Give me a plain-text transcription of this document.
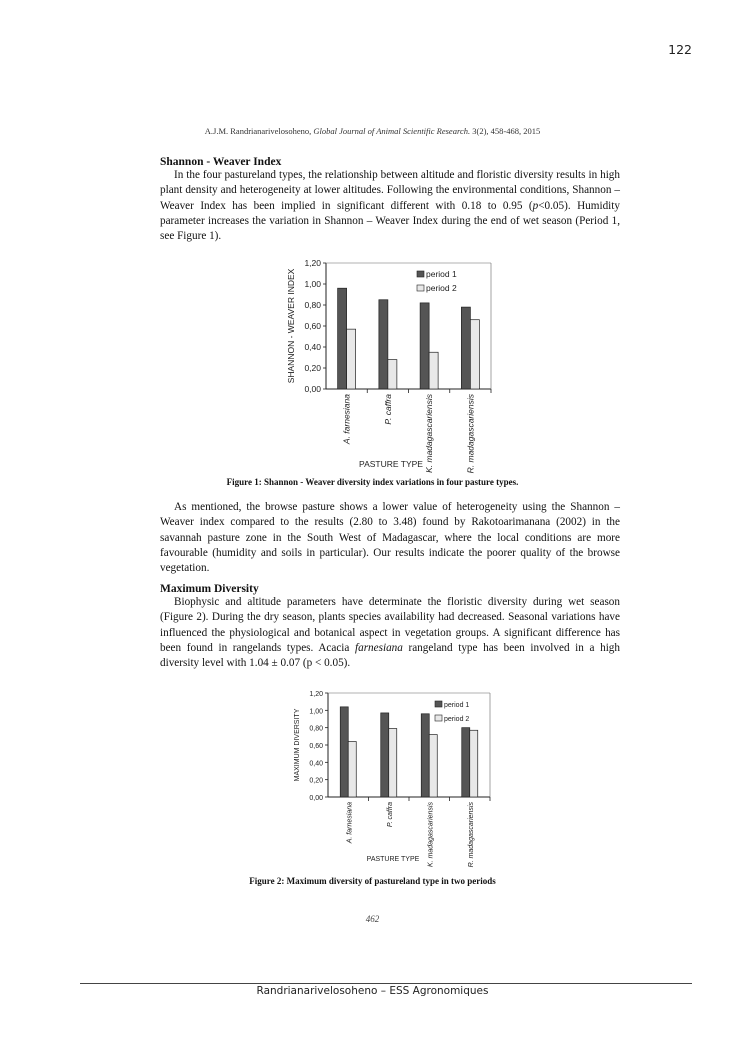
122
A.J.M. Randrianarivelosoheno, Global Journal of Animal Scientific Research. 3(2), 458-468, 2015

Shannon - Weaver Index

In the four pastureland types, the relationship between altitude and floristic diversity results in high plant density and heterogeneity at lower altitudes. Following the environmental conditions, Shannon – Weaver Index has been implied in significant different with 0.18 to 0.95 (p<0.05). Humidity parameter increases the variation in Shannon – Weaver Index during the end of wet season (Period 1, see Figure 1).

0,00
0,20
0,40
0,60
0,80
1,00
1,20
A. farnesiana	P. caffra	K. madagascariensis	R. madagascariensis
PASTURE TYPE
SHANNON - WEAVER INDEX	period 1
period 2
Figure 1: Shannon - Weaver diversity index variations in four pasture types.

As mentioned, the browse pasture shows a lower value of heterogeneity using the Shannon – Weaver index compared to the results (2.80 to 3.48) found by Rakotoarimanana (2002) in the savannah pasture zone in the South West of Madagascar, where the local conditions are more favourable (humidity and soils in particular). Our results indicate the poorer quality of the browse vegetation.

Maximum Diversity

Biophysic and altitude parameters have determinate the floristic diversity during wet season (Figure 2). During the dry season, plants species availability had decreased. Seasonal variations have influenced the physiological and botanical aspect in vegetation groups. A significant difference has been found in rangelands types. Acacia farnesiana rangeland type has been involved in a high diversity level with 1.04 ± 0.07 (p < 0.05).

0,00
0,20
0,40
0,60
0,80
1,00
1,20
A. farnesiana	P. caffra	K. madagascariensis	R. madagascariensis
PASTURE TYPE
MAXIMUM DIVERSITY
period 1
period 2
Figure 2: Maximum diversity of pastureland type in two periods
462
Randrianarivelosoheno – ESS Agronomiques
